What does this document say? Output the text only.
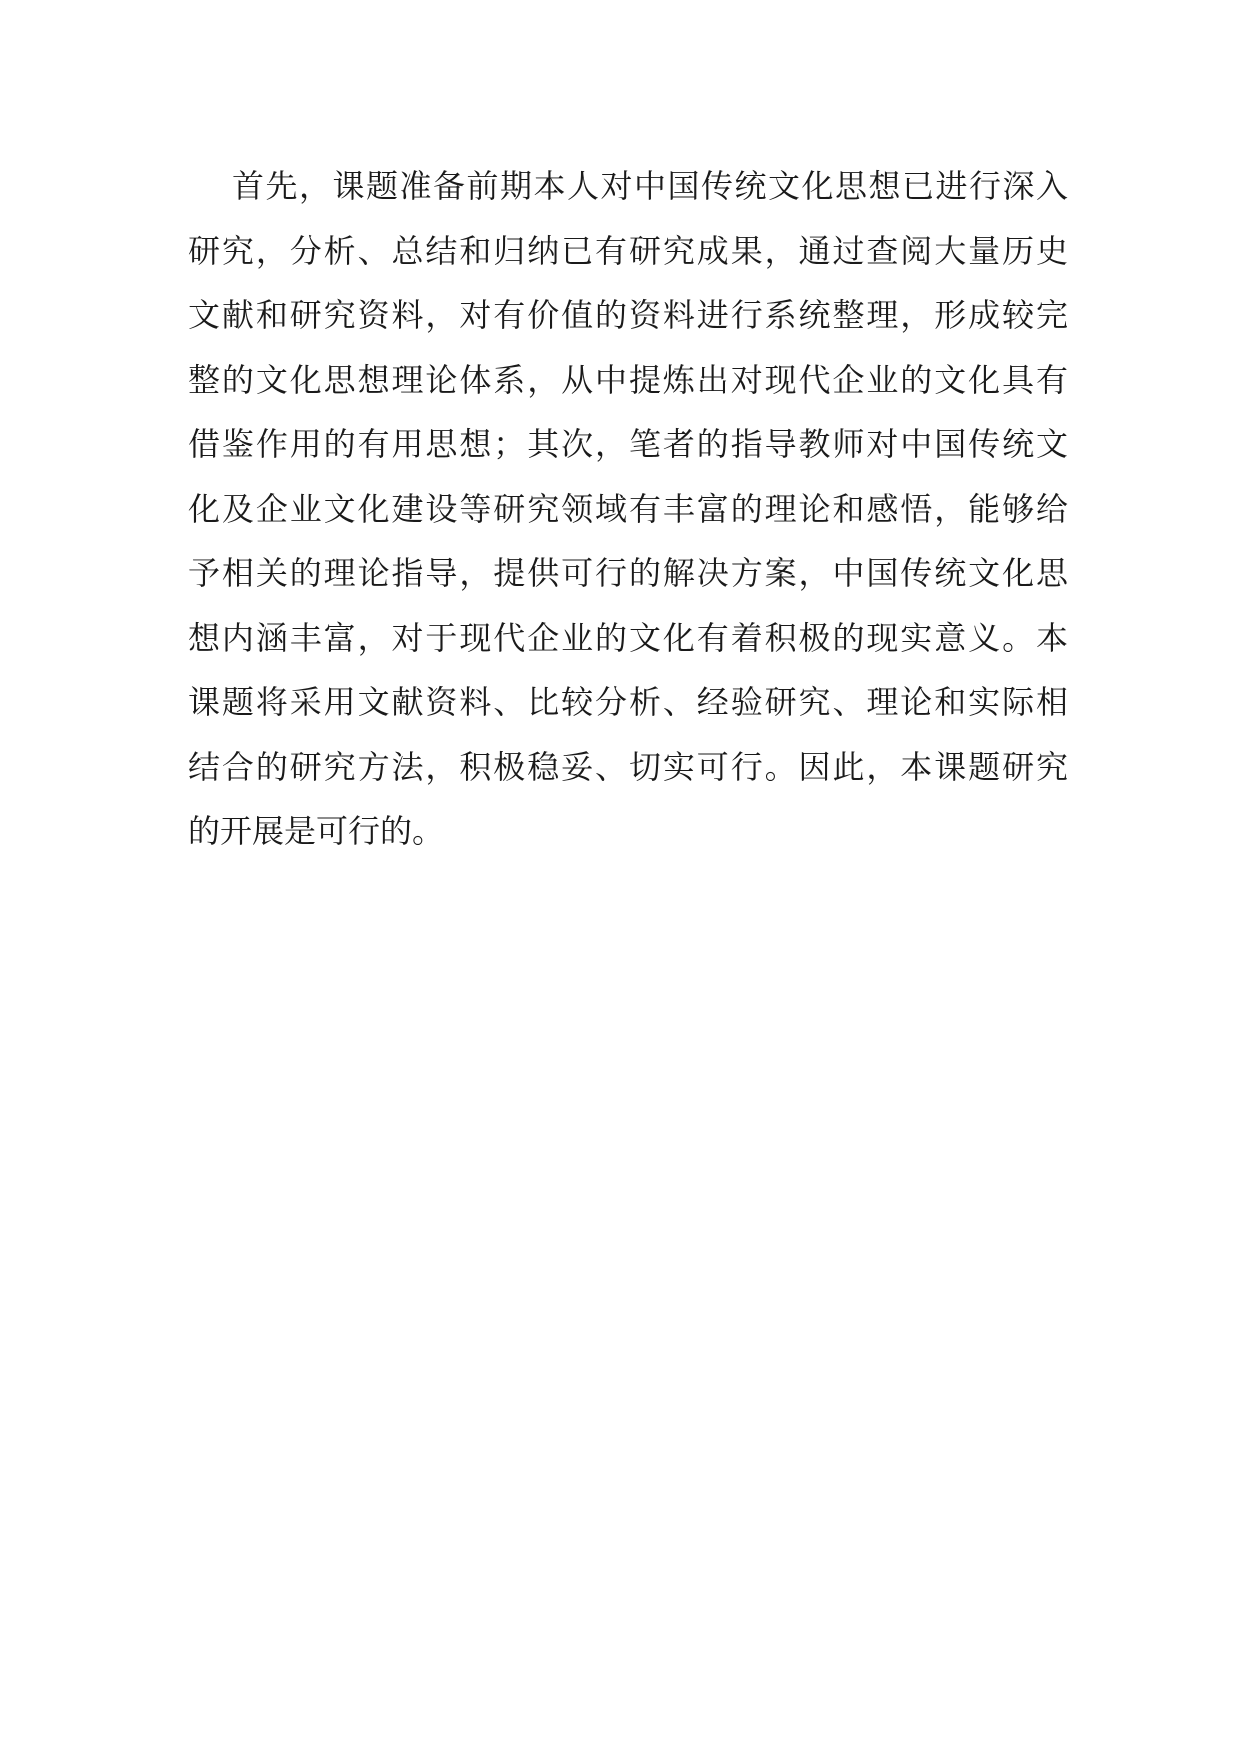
首先，课题准备前期本人对中国传统文化思想已进行深入
研究，分析、总结和归纳已有研究成果，通过查阅大量历史
文献和研究资料，对有价值的资料进行系统整理，形成较完
整的文化思想理论体系，从中提炼出对现代企业的文化具有
借鉴作用的有用思想；其次，笔者的指导教师对中国传统文
化及企业文化建设等研究领域有丰富的理论和感悟，能够给
予相关的理论指导，提供可行的解决方案，中国传统文化思
想内涵丰富，对于现代企业的文化有着积极的现实意义。本
课题将采用文献资料、比较分析、经验研究、理论和实际相
结合的研究方法，积极稳妥、切实可行。因此，本课题研究
的开展是可行的。
